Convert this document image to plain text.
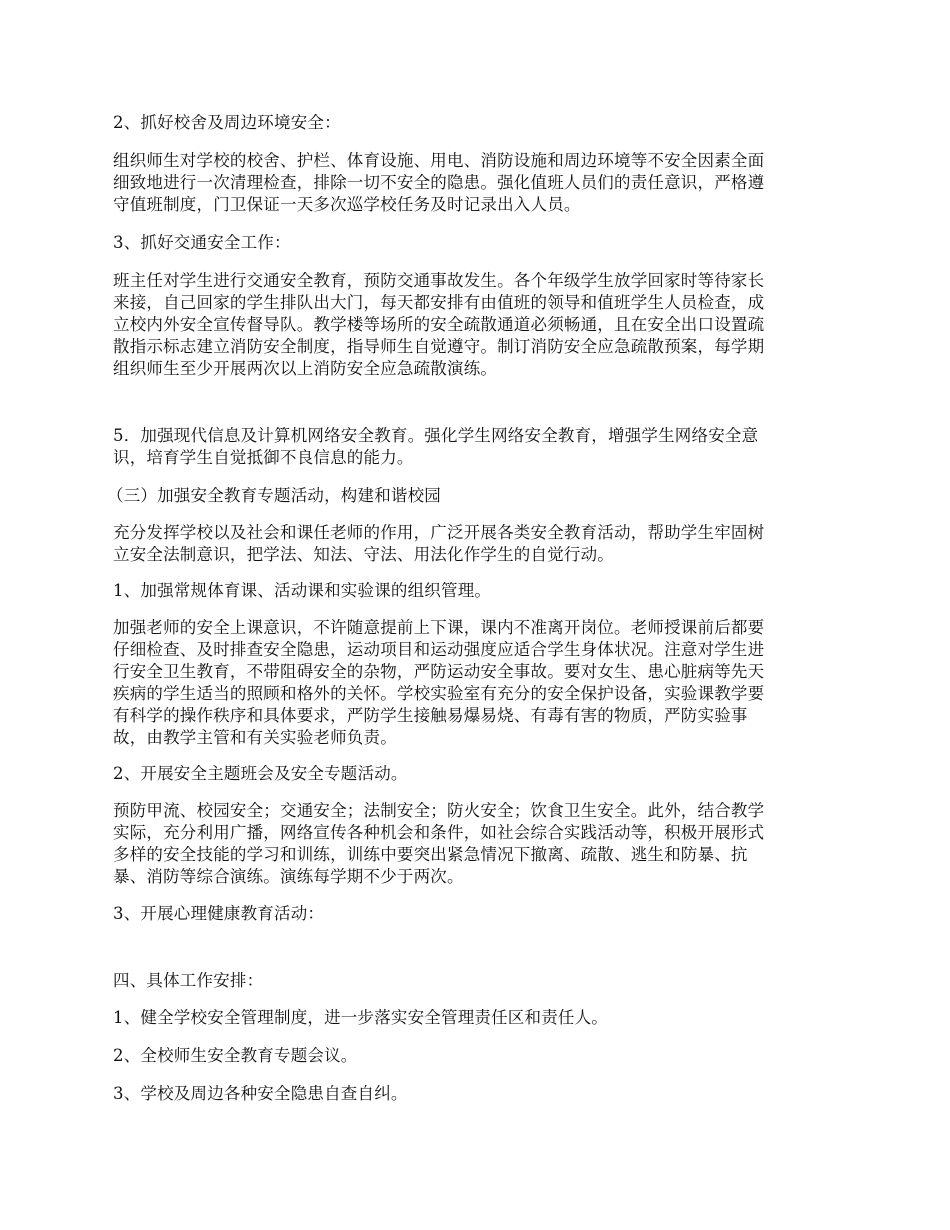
2、抓好校舍及周边环境安全：
组织师生对学校的校舍、护栏、体育设施、用电、消防设施和周边环境等不安全因素全面
细致地进行一次清理检查，排除一切不安全的隐患。强化值班人员们的责任意识，严格遵
守值班制度，门卫保证一天多次巡学校任务及时记录出入人员。
3、抓好交通安全工作：
班主任对学生进行交通安全教育，预防交通事故发生。各个年级学生放学回家时等待家长
来接，自己回家的学生排队出大门，每天都安排有由值班的领导和值班学生人员检查，成
立校内外安全宣传督导队。教学楼等场所的安全疏散通道必须畅通，且在安全出口设置疏
散指示标志建立消防安全制度，指导师生自觉遵守。制订消防安全应急疏散预案，每学期
组织师生至少开展两次以上消防安全应急疏散演练。
5．加强现代信息及计算机网络安全教育。强化学生网络安全教育，增强学生网络安全意
识，培育学生自觉抵御不良信息的能力。
（三）加强安全教育专题活动，构建和谐校园
充分发挥学校以及社会和课任老师的作用，广泛开展各类安全教育活动，帮助学生牢固树
立安全法制意识，把学法、知法、守法、用法化作学生的自觉行动。
1、加强常规体育课、活动课和实验课的组织管理。
加强老师的安全上课意识，不许随意提前上下课，课内不准离开岗位。老师授课前后都要
仔细检查、及时排查安全隐患，运动项目和运动强度应适合学生身体状况。注意对学生进
行安全卫生教育，不带阻碍安全的杂物，严防运动安全事故。要对女生、患心脏病等先天
疾病的学生适当的照顾和格外的关怀。学校实验室有充分的安全保护设备，实验课教学要
有科学的操作秩序和具体要求，严防学生接触易爆易烧、有毒有害的物质，严防实验事
故，由教学主管和有关实验老师负责。
2、开展安全主题班会及安全专题活动。
预防甲流、校园安全；交通安全；法制安全；防火安全；饮食卫生安全。此外，结合教学
实际，充分利用广播，网络宣传各种机会和条件，如社会综合实践活动等，积极开展形式
多样的安全技能的学习和训练，训练中要突出紧急情况下撤离、疏散、逃生和防暴、抗
暴、消防等综合演练。演练每学期不少于两次。
3、开展心理健康教育活动：
四、具体工作安排：
1、健全学校安全管理制度，进一步落实安全管理责任区和责任人。
2、全校师生安全教育专题会议。
3、学校及周边各种安全隐患自查自纠。
